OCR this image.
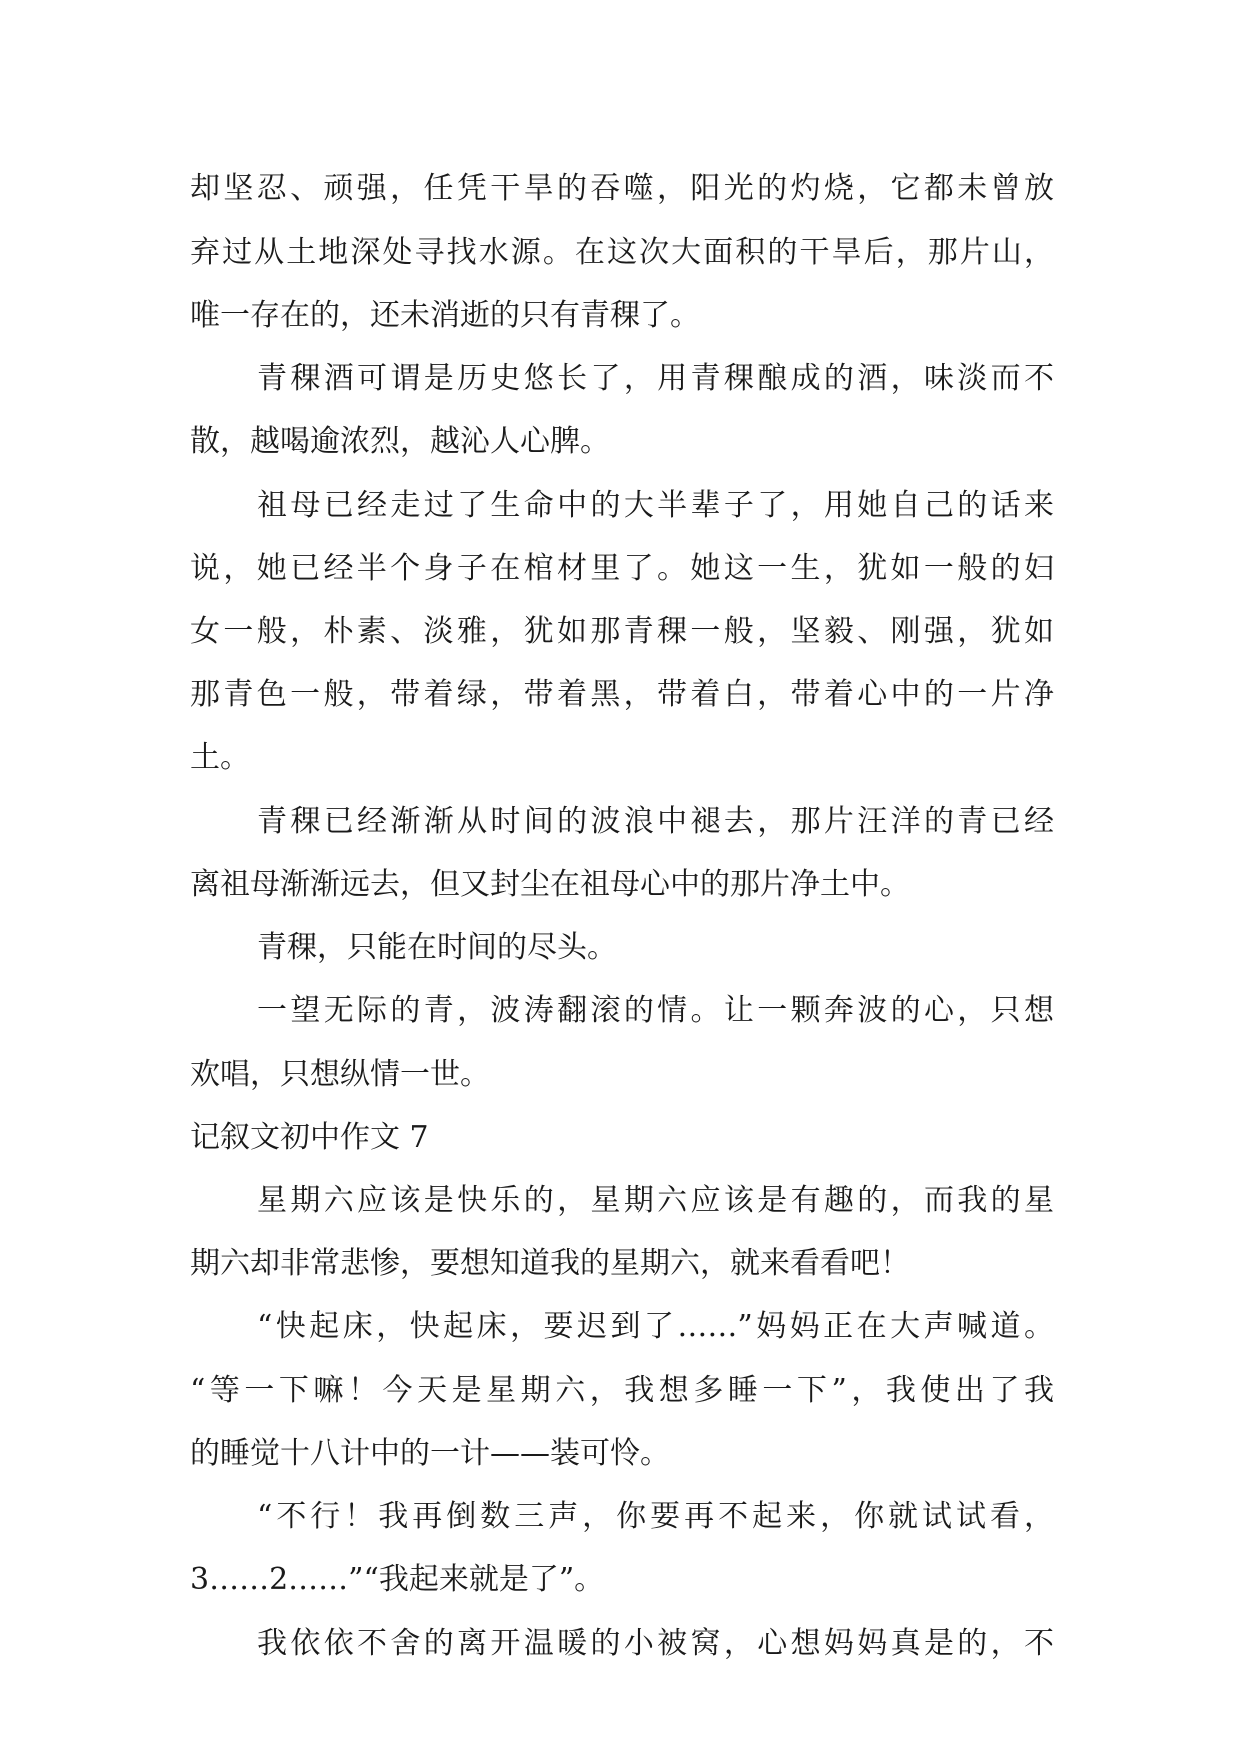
却坚忍、顽强，任凭干旱的吞噬，阳光的灼烧，它都未曾放

弃过从土地深处寻找水源。在这次大面积的干旱后，那片山，

唯一存在的，还未消逝的只有青稞了。

青稞酒可谓是历史悠长了，用青稞酿成的酒，味淡而不

散，越喝逾浓烈，越沁人心脾。

祖母已经走过了生命中的大半辈子了，用她自己的话来

说，她已经半个身子在棺材里了。她这一生，犹如一般的妇

女一般，朴素、淡雅，犹如那青稞一般，坚毅、刚强，犹如

那青色一般，带着绿，带着黑，带着白，带着心中的一片净

土。

青稞已经渐渐从时间的波浪中褪去，那片汪洋的青已经

离祖母渐渐远去，但又封尘在祖母心中的那片净土中。

青稞，只能在时间的尽头。

一望无际的青，波涛翻滚的情。让一颗奔波的心，只想

欢唱，只想纵情一世。

记叙文初中作文 7

星期六应该是快乐的，星期六应该是有趣的，而我的星

期六却非常悲惨，要想知道我的星期六，就来看看吧！

“快起床，快起床，要迟到了……”妈妈正在大声喊道。

“等一下嘛！今天是星期六，我想多睡一下”，我使出了我

的睡觉十八计中的一计——装可怜。

“不行！我再倒数三声，你要再不起来，你就试试看，

3……2……”“我起来就是了”。

我依依不舍的离开温暖的小被窝，心想妈妈真是的，不
